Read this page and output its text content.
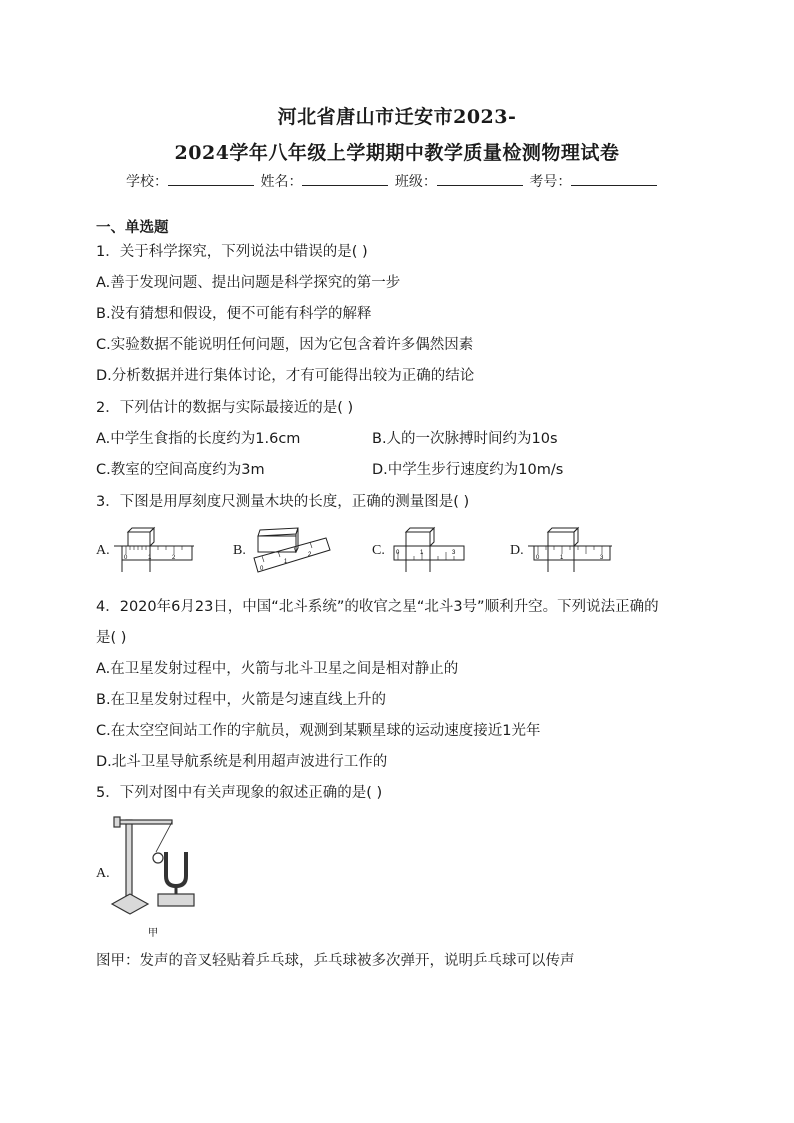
河北省唐山市迁安市2023-
2024学年八年级上学期期中教学质量检测物理试卷
学校：	姓名：	班级：	考号：
一、单选题
1．关于科学探究，下列说法中错误的是( )
A.善于发现问题、提出问题是科学探究的第一步
B.没有猜想和假设，便不可能有科学的解释
C.实验数据不能说明任何问题，因为它包含着许多偶然因素
D.分析数据并进行集体讨论，才有可能得出较为正确的结论
2．下列估计的数据与实际最接近的是( )
A.中学生食指的长度约为1.6cm	B.人的一次脉搏时间约为10s
C.教室的空间高度约为3m	D.中学生步行速度约为10m/s
3．下图是用厚刻度尺测量木块的长度，正确的测量图是( )
A.	B.	C.	D.
0	1	2
0
1
2	0	1	3
0	1	3
4．2020年6月23日，中国“北斗系统”的收官之星“北斗3号”顺利升空。下列说法正确的
是( )
A.在卫星发射过程中，火箭与北斗卫星之间是相对静止的
B.在卫星发射过程中，火箭是匀速直线上升的
C.在太空空间站工作的宇航员，观测到某颗星球的运动速度接近1光年
D.北斗卫星导航系统是利用超声波进行工作的
5．下列对图中有关声现象的叙述正确的是( )
A.
甲
图甲：发声的音叉轻贴着乒乓球，乒乓球被多次弹开，说明乒乓球可以传声
